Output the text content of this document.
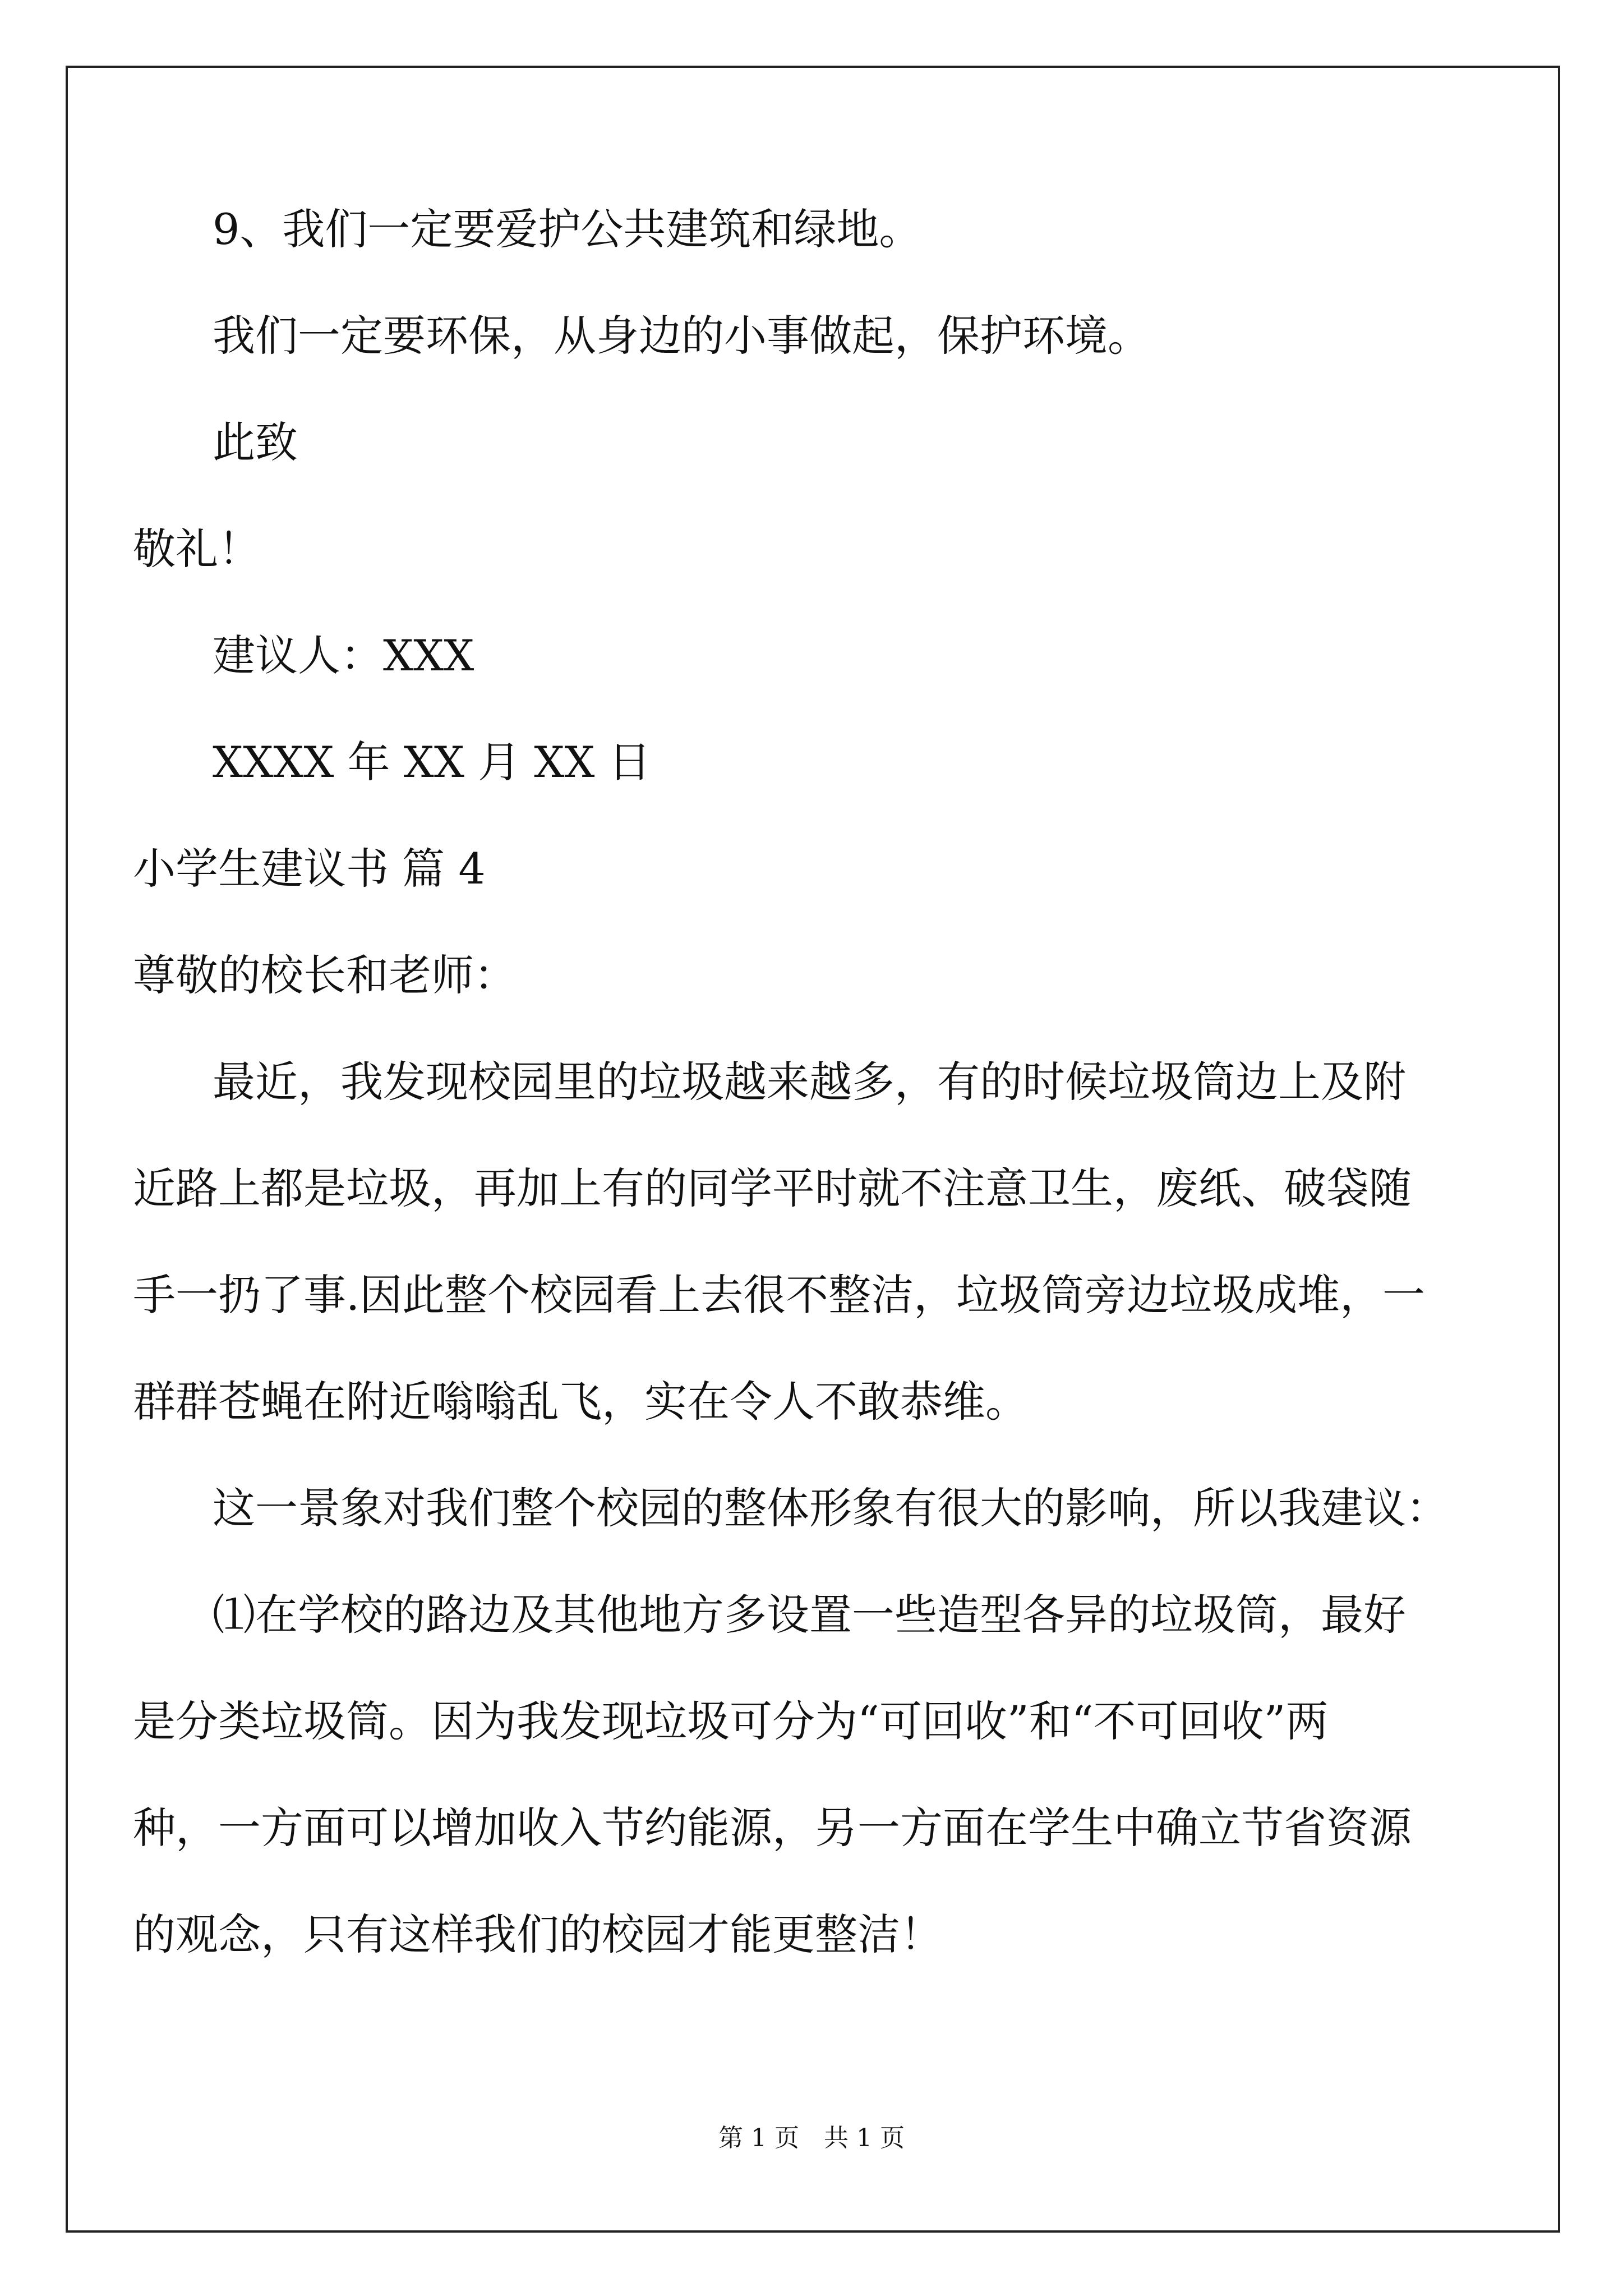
9、我们一定要爱护公共建筑和绿地。
我们一定要环保，从身边的小事做起，保护环境。
此致
敬礼！
建议人：XXX
XXXX 年 XX 月 XX 日
小学生建议书 篇 4
尊敬的校长和老师：
最近，我发现校园里的垃圾越来越多，有的时候垃圾筒边上及附
近路上都是垃圾，再加上有的同学平时就不注意卫生，废纸、破袋随
手一扔了事.因此整个校园看上去很不整洁，垃圾筒旁边垃圾成堆，一
群群苍蝇在附近嗡嗡乱飞，实在令人不敢恭维。
这一景象对我们整个校园的整体形象有很大的影响，所以我建议：
⑴在学校的路边及其他地方多设置一些造型各异的垃圾筒，最好
是分类垃圾筒。因为我发现垃圾可分为“可回收”和“不可回收”两
种，一方面可以增加收入节约能源，另一方面在学生中确立节省资源
的观念，只有这样我们的校园才能更整洁！
第 1 页　共 1 页
